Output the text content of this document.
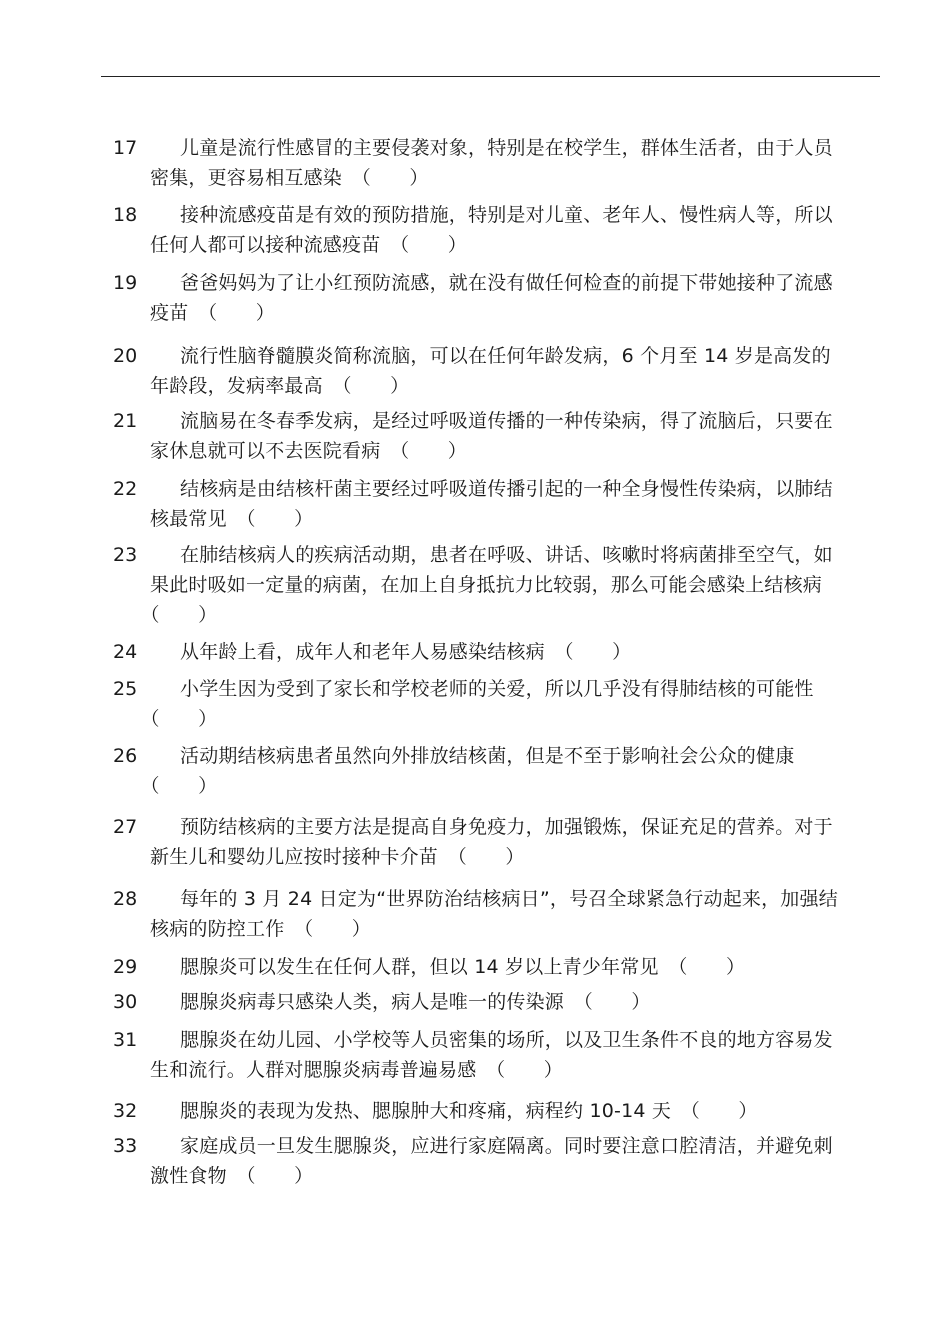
17	儿童是流行性感冒的主要侵袭对象，特别是在校学生，群体生活者，由于人员密集，更容易相互感染　 （　　）
18	接种流感疫苗是有效的预防措施，特别是对儿童、老年人、慢性病人等，所以任何人都可以接种流感疫苗　 （　　）
19	爸爸妈妈为了让小红预防流感，就在没有做任何检查的前提下带她接种了流感疫苗　 （　　）
20	流行性脑脊髓膜炎简称流脑，可以在任何年龄发病，6 个月至 14 岁是高发的年龄段，发病率最高　 （　　）
21	流脑易在冬春季发病，是经过呼吸道传播的一种传染病，得了流脑后，只要在家休息就可以不去医院看病　 （　　）
22	结核病是由结核杆菌主要经过呼吸道传播引起的一种全身慢性传染病，以肺结核最常见　 （　　）
23	在肺结核病人的疾病活动期，患者在呼吸、讲话、咳嗽时将病菌排至空气，如果此时吸如一定量的病菌，在加上自身抵抗力比较弱，那么可能会感染上结核病　（　　）
24	从年龄上看，成年人和老年人易感染结核病　 （　　）
25	小学生因为受到了家长和学校老师的关爱，所以几乎没有得肺结核的可能性　（　　）
26	活动期结核病患者虽然向外排放结核菌，但是不至于影响社会公众的健康　（　　）
27	预防结核病的主要方法是提高自身免疫力，加强锻炼，保证充足的营养。对于新生儿和婴幼儿应按时接种卡介苗　 （　　）
28	每年的 3 月 24 日定为“世界防治结核病日”，号召全球紧急行动起来，加强结核病的防控工作　 （　　）
29	腮腺炎可以发生在任何人群，但以 14 岁以上青少年常见　 （　　）
30	腮腺炎病毒只感染人类，病人是唯一的传染源　 （　　）
31	腮腺炎在幼儿园、小学校等人员密集的场所，以及卫生条件不良的地方容易发生和流行。人群对腮腺炎病毒普遍易感　 （　　）
32	腮腺炎的表现为发热、腮腺肿大和疼痛，病程约 10-14 天　 （　　）
33	家庭成员一旦发生腮腺炎，应进行家庭隔离。同时要注意口腔清洁，并避免刺激性食物　 （　　）
